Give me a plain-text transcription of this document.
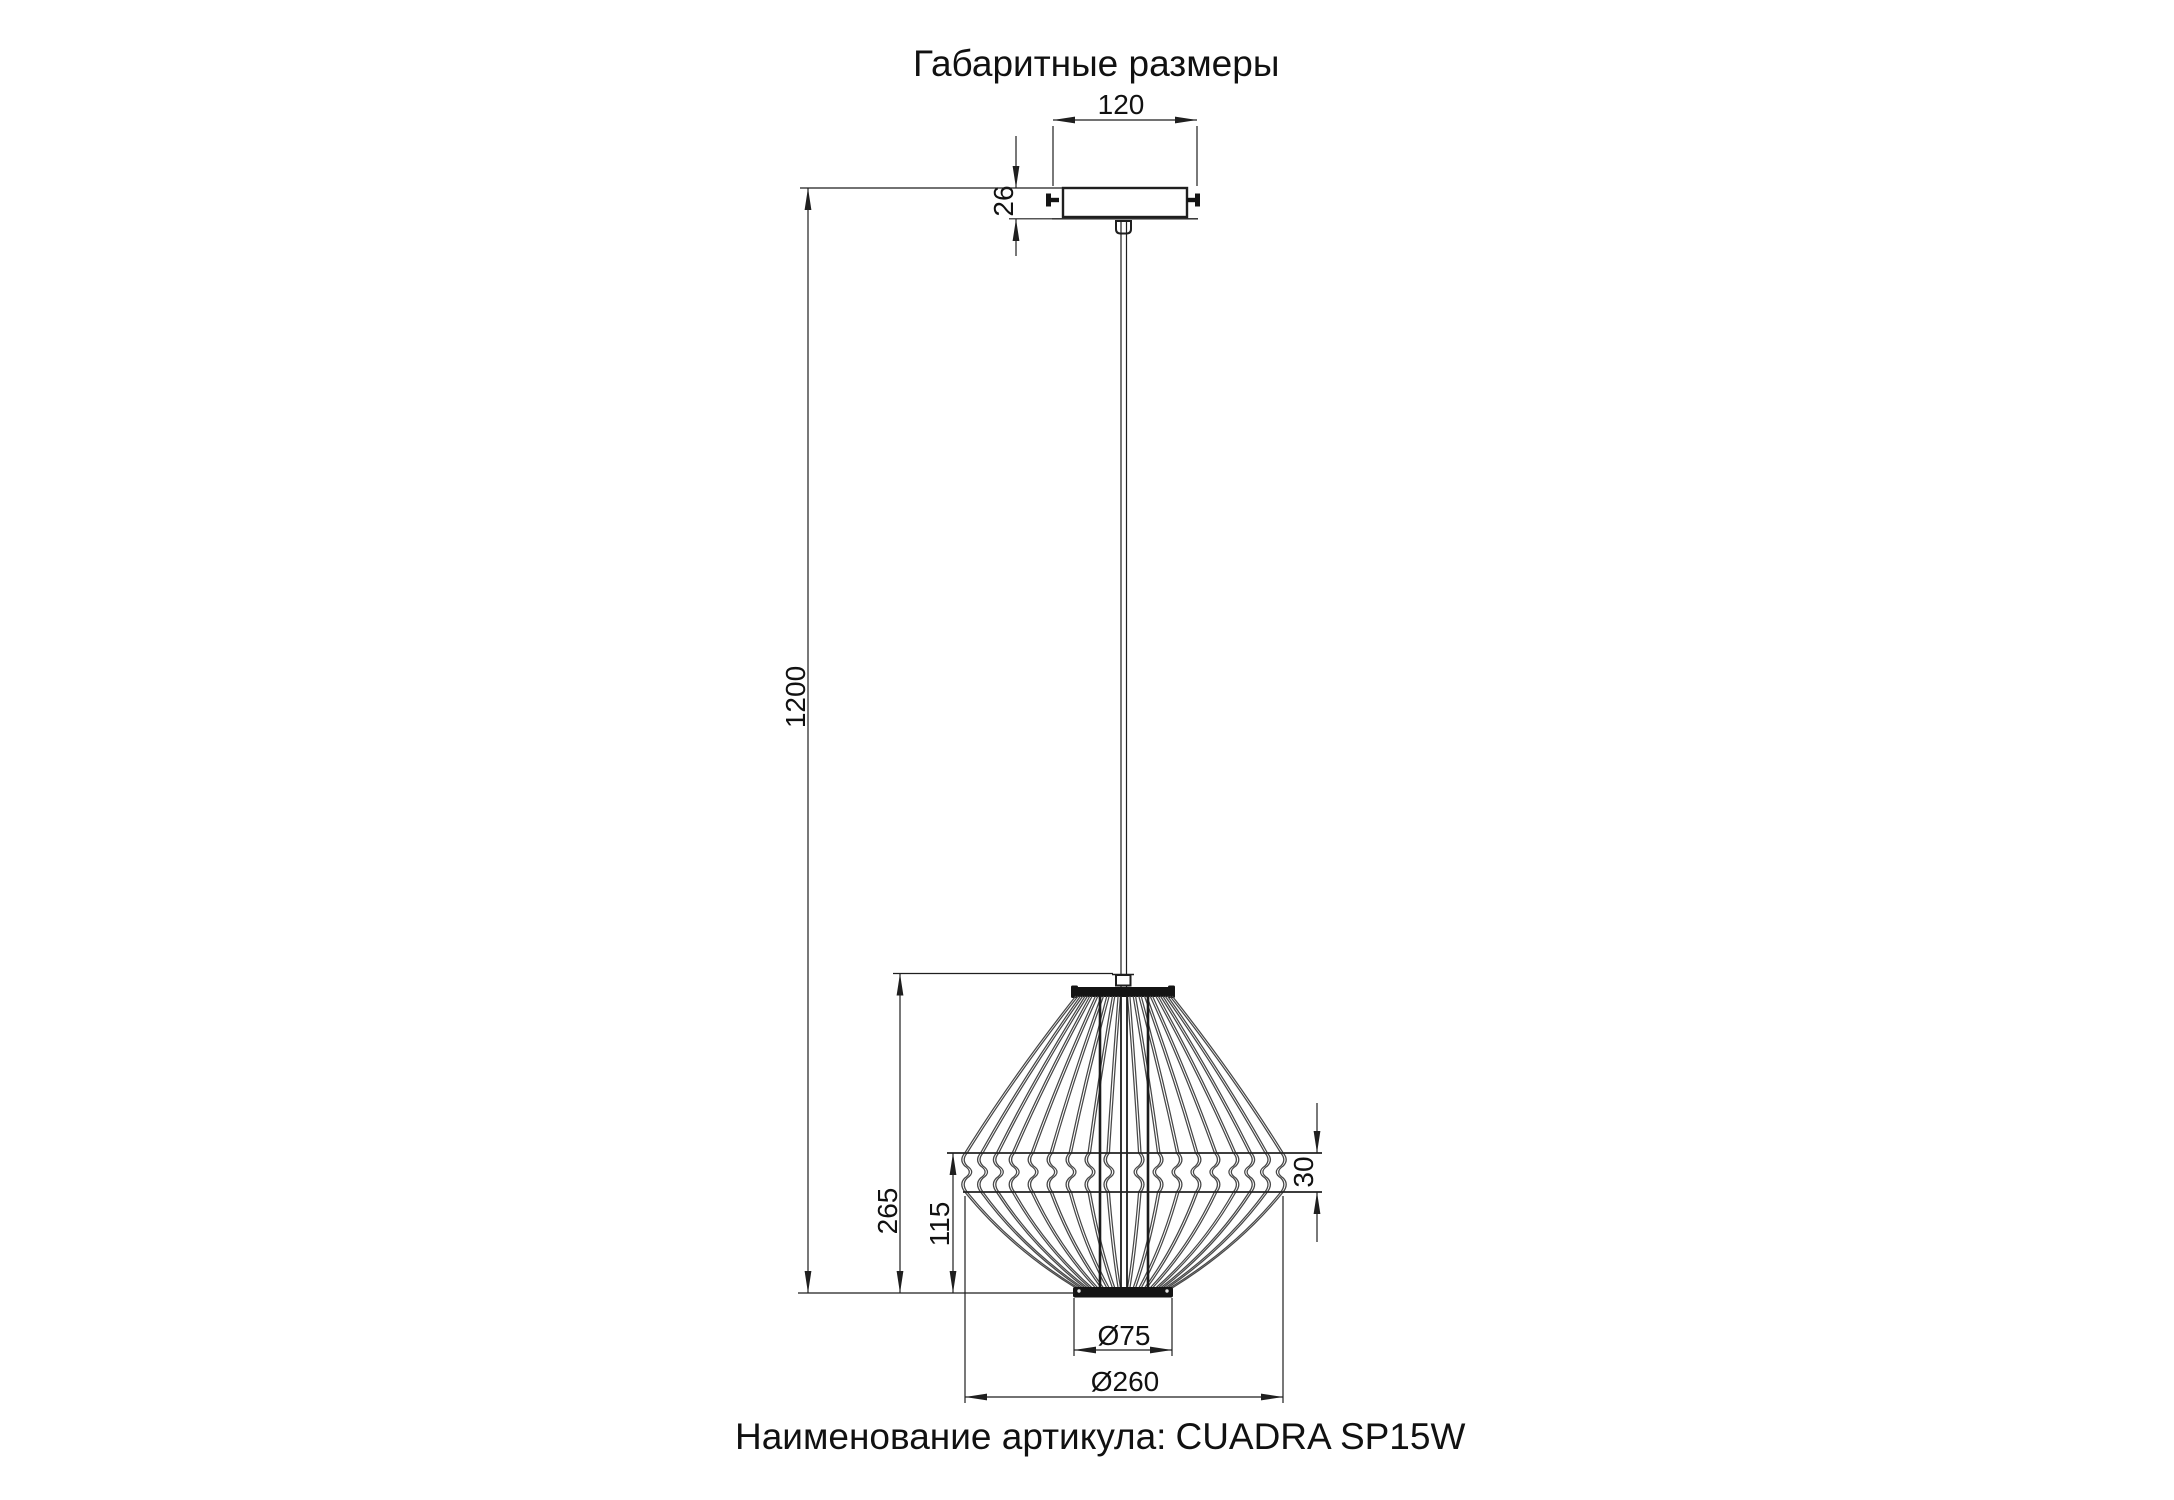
Габаритные размеры
120
26
1200
265 115
30
Ø75
Ø260
Наименование артикула: CUADRA SP15W
